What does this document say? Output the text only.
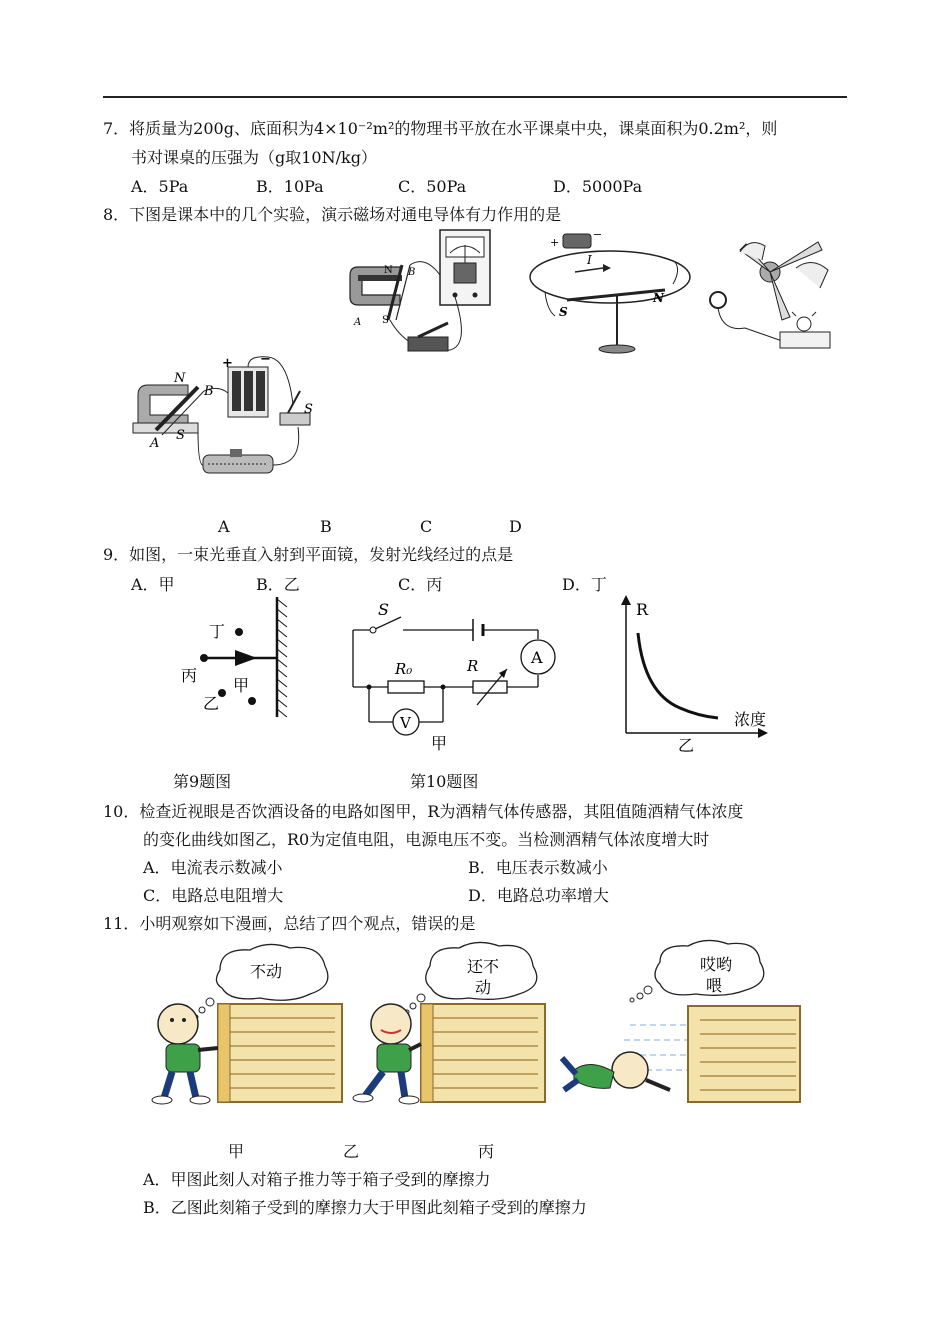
7．将质量为200g、底面积为4×10⁻²m²的物理书平放在水平课桌中央，课桌面积为0.2m²，则
书对课桌的压强为（g取10N/kg）
A．5Pa	B．10Pa	C．50Pa	D．5000Pa
8．下图是课本中的几个实验，演示磁场对通电导体有力作用的是
N B
A S
+
−
I
S
N
N
B
A
S
+ −
S
A	B	C	D
9．如图，一束光垂直入射到平面镜，发射光线经过的点是
A．甲	B．乙	C．丙	D．丁
丁
丙
甲
乙
S
R₀	R	A
V
甲
R
浓度
乙
第9题图	第10题图
10．检查近视眼是否饮酒设备的电路如图甲，R为酒精气体传感器，其阻值随酒精气体浓度
的变化曲线如图乙，R0为定值电阻，电源电压不变。当检测酒精气体浓度增大时
A．电流表示数减小	B．电压表示数减小
C．电路总电阻增大	D．电路总功率增大
11．小明观察如下漫画，总结了四个观点，错误的是
不动	还不
动
哎哟
喂
甲	乙	丙
A．甲图此刻人对箱子推力等于箱子受到的摩擦力
B．乙图此刻箱子受到的摩擦力大于甲图此刻箱子受到的摩擦力
